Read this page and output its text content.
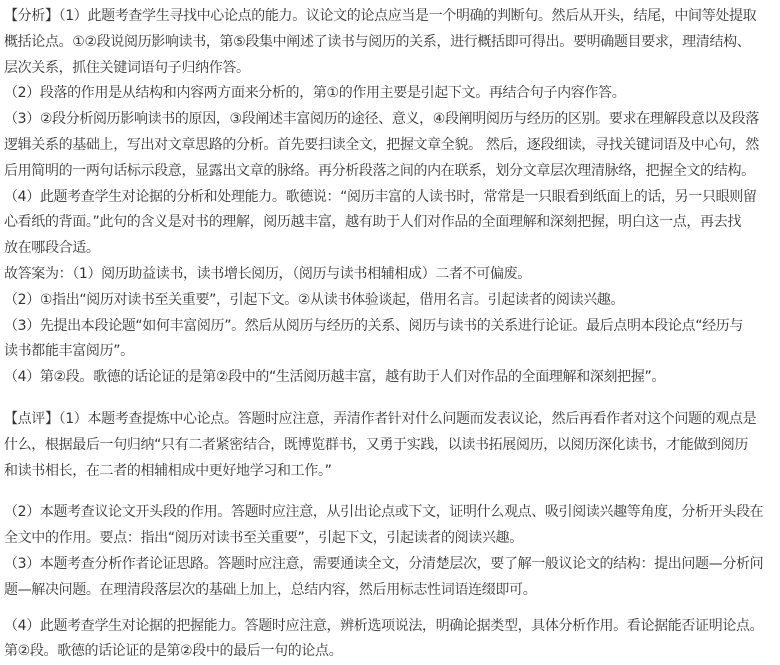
【分析】（1）此题考查学生寻找中心论点的能力。议论文的论点应当是一个明确的判断句。然后从开头，结尾，中间等处提取
概括论点。①②段说阅历影响读书，第⑤段集中阐述了读书与阅历的关系，进行概括即可得出。要明确题目要求，理清结构、
层次关系，抓住关键词语句子归纳作答。
（2）段落的作用是从结构和内容两方面来分析的，第①的作用主要是引起下文。再结合句子内容作答。
（3）②段分析阅历影响读书的原因，③段阐述丰富阅历的途径、意义，④段阐明阅历与经历的区别。要求在理解段意以及段落
逻辑关系的基础上，写出对文章思路的分析。首先要扫读全文，把握文章全貌。 然后，逐段细读，寻找关键词语及中心句，然
后用简明的一两句话标示段意，显露出文章的脉络。再分析段落之间的内在联系，划分文章层次理清脉络，把握全文的结构。
（4）此题考查学生对论据的分析和处理能力。歌德说：“阅历丰富的人读书时，常常是一只眼看到纸面上的话，另一只眼则留
心看纸的背面。”此句的含义是对书的理解，阅历越丰富，越有助于人们对作品的全面理解和深刻把握，明白这一点，再去找
放在哪段合适。
故答案为：（1）阅历助益读书，读书增长阅历，（阅历与读书相辅相成）二者不可偏废。
（2）①指出“阅历对读书至关重要”，引起下文。②从读书体验谈起，借用名言。引起读者的阅读兴趣。
（3）先提出本段论题“如何丰富阅历”。然后从阅历与经历的关系、阅历与读书的关系进行论证。最后点明本段论点“经历与
读书都能丰富阅历”。
（4）第②段。歌德的话论证的是第②段中的“生活阅历越丰富，越有助于人们对作品的全面理解和深刻把握”。
【点评】（1）本题考查提炼中心论点。答题时应注意，弄清作者针对什么问题而发表议论，然后再看作者对这个问题的观点是
什么，根据最后一句归纳“只有二者紧密结合，既博览群书，又勇于实践，以读书拓展阅历，以阅历深化读书，才能做到阅历
和读书相长，在二者的相辅相成中更好地学习和工作。”
（2）本题考查议论文开头段的作用。答题时应注意，从引出论点或下文，证明什么观点、吸引阅读兴趣等角度，分析开头段在
全文中的作用。要点：指出“阅历对读书至关重要”，引起下文，引起读者的阅读兴趣。
（3）本题考查分析作者论证思路。答题时应注意，需要通读全文，分清楚层次，要了解一般议论文的结构：提出问题—分析问
题—解决问题。在理清段落层次的基础上加上，总结内容，然后用标志性词语连缀即可。
（4）此题考查学生对论据的把握能力。答题时应注意，辨析选项说法，明确论据类型，具体分析作用。看论据能否证明论点。
第②段。歌德的话论证的是第②段中的最后一句的论点。
